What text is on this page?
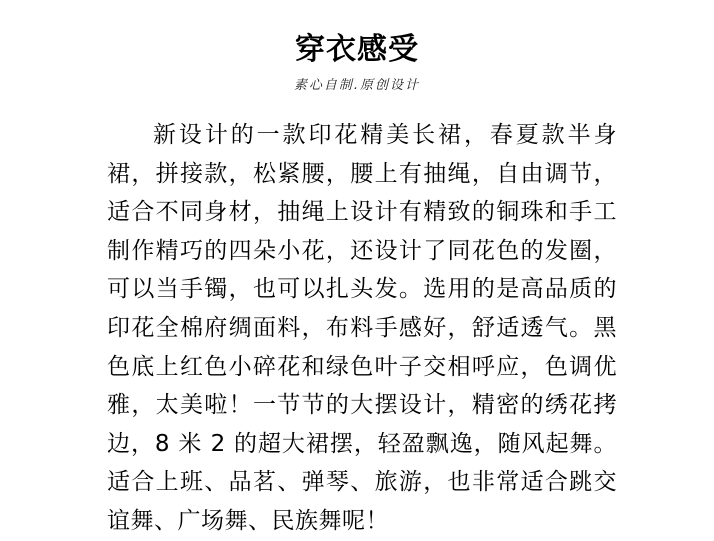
穿衣感受

素心自制.原创设计

新设计的一款印花精美长裙，春夏款半身裙，拼接款，松紧腰，腰上有抽绳，自由调节，适合不同身材，抽绳上设计有精致的铜珠和手工制作精巧的四朵小花，还设计了同花色的发圈，可以当手镯，也可以扎头发。选用的是高品质的印花全棉府绸面料，布料手感好，舒适透气。黑色底上红色小碎花和绿色叶子交相呼应，色调优雅，太美啦！一节节的大摆设计，精密的绣花拷边，8 米 2 的超大裙摆，轻盈飘逸，随风起舞。适合上班、品茗、弹琴、旅游，也非常适合跳交谊舞、广场舞、民族舞呢！
